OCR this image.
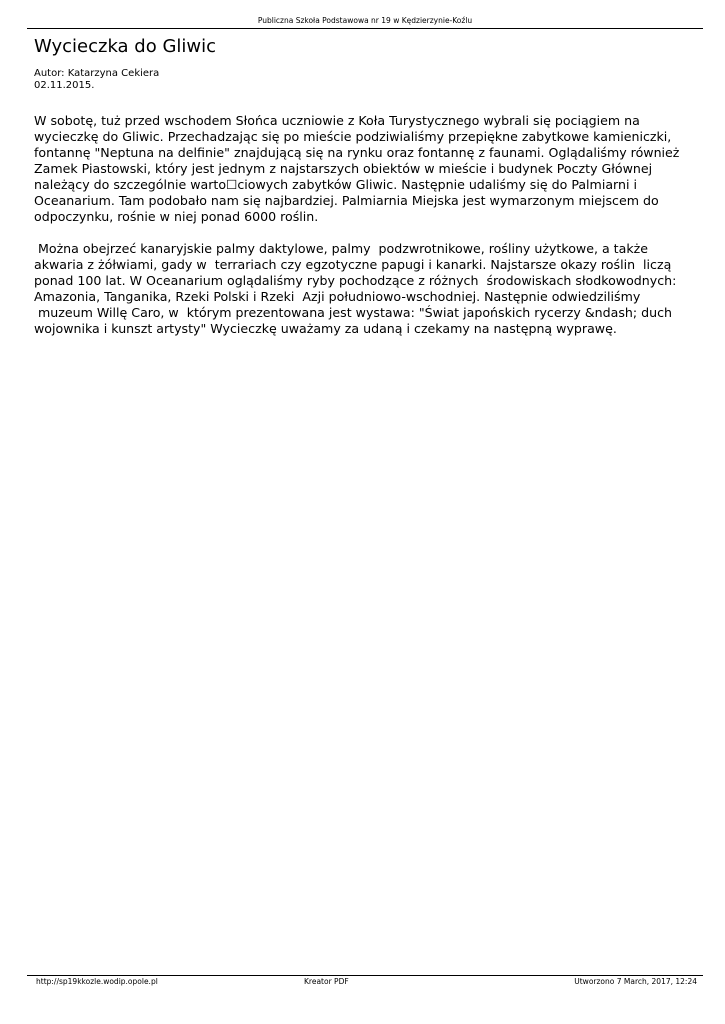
Publiczna Szkoła Podstawowa nr 19 w Kędzierzynie-Koźlu
Wycieczka do Gliwic
Autor: Katarzyna Cekiera
02.11.2015.

W sobotę, tuż przed wschodem Słońca uczniowie z Koła Turystycznego wybrali się pociągiem na
wycieczkę do Gliwic. Przechadzając się po mieście podziwialiśmy przepiękne zabytkowe kamieniczki,
fontannę "Neptuna na delfinie" znajdującą się na rynku oraz fontannę z faunami. Oglądaliśmy również
Zamek Piastowski, który jest jednym z najstarszych obiektów w mieście i budynek Poczty Głównej
należący do szczególnie warto☐ciowych zabytków Gliwic. Następnie udaliśmy się do Palmiarni i
Oceanarium. Tam podobało nam się najbardziej. Palmiarnia Miejska jest wymarzonym miejscem do
odpoczynku, rośnie w niej ponad 6000 roślin.

Można obejrzeć kanaryjskie palmy daktylowe, palmy  podzwrotnikowe, rośliny użytkowe, a także
akwaria z żółwiami, gady w  terrariach czy egzotyczne papugi i kanarki. Najstarsze okazy roślin  liczą
ponad 100 lat. W Oceanarium oglądaliśmy ryby pochodzące z różnych  środowiskach słodkowodnych:
Amazonia, Tanganika, Rzeki Polski i Rzeki  Azji południowo-wschodniej. Następnie odwiedziliśmy
muzeum Willę Caro, w  którym prezentowana jest wystawa: "Świat japońskich rycerzy &ndash; duch
wojownika i kunszt artysty" Wycieczkę uważamy za udaną i czekamy na następną wyprawę.

http://sp19kkozle.wodip.opole.pl	Kreator PDF	Utworzono 7 March, 2017, 12:24
